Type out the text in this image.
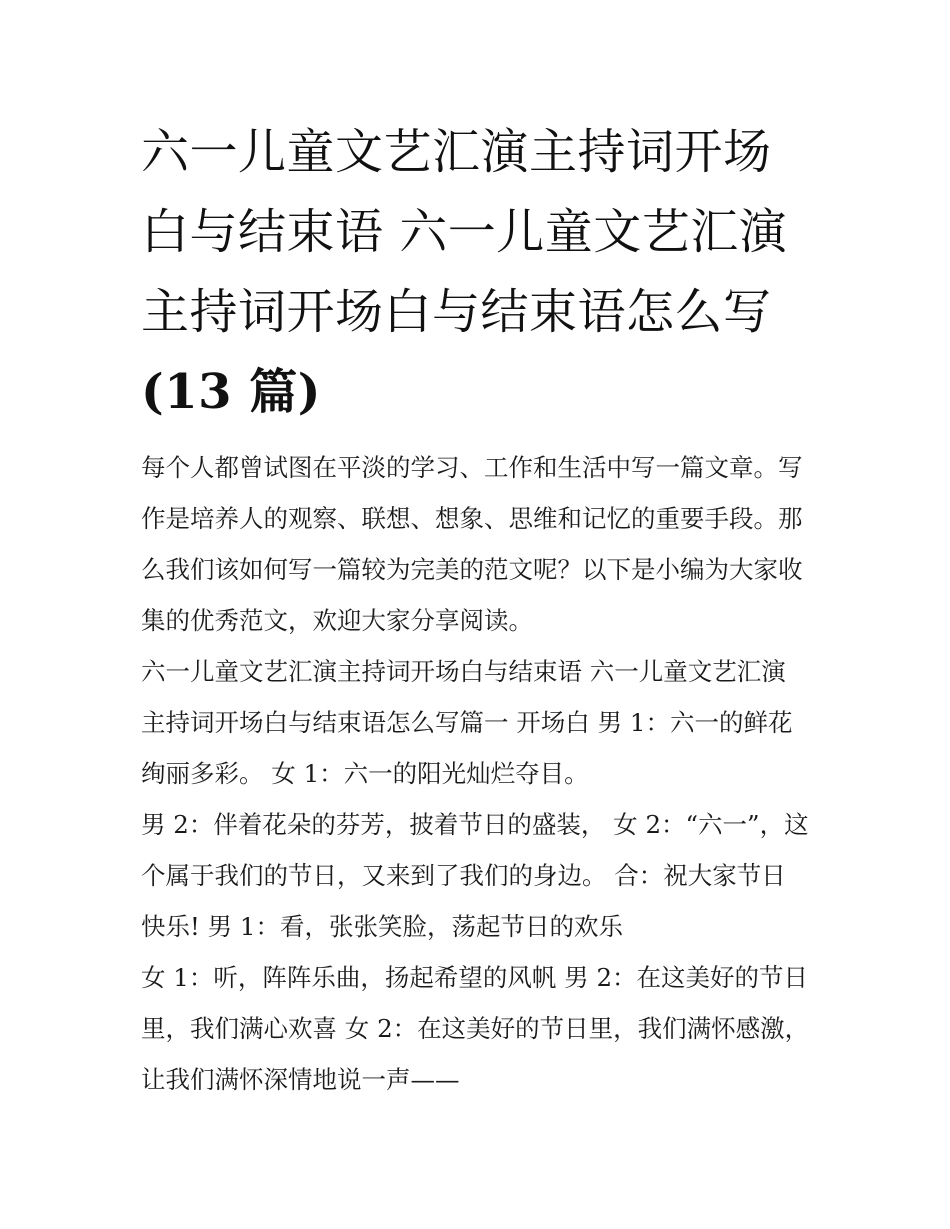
六一儿童文艺汇演主持词开场
白与结束语 六一儿童文艺汇演
主持词开场白与结束语怎么写
(13 篇)

每个人都曾试图在平淡的学习、工作和生活中写一篇文章。写
作是培养人的观察、联想、想象、思维和记忆的重要手段。那
么我们该如何写一篇较为完美的范文呢？以下是小编为大家收
集的优秀范文，欢迎大家分享阅读。

六一儿童文艺汇演主持词开场白与结束语 六一儿童文艺汇演
主持词开场白与结束语怎么写篇一 开场白 男 1：六一的鲜花
绚丽多彩。 女 1：六一的阳光灿烂夺目。

男 2：伴着花朵的芬芳，披着节日的盛装， 女 2：“六一”，这
个属于我们的节日，又来到了我们的身边。 合：祝大家节日
快乐! 男 1：看，张张笑脸，荡起节日的欢乐

女 1：听，阵阵乐曲，扬起希望的风帆 男 2：在这美好的节日
里，我们满心欢喜 女 2：在这美好的节日里，我们满怀感激，
让我们满怀深情地说一声——
